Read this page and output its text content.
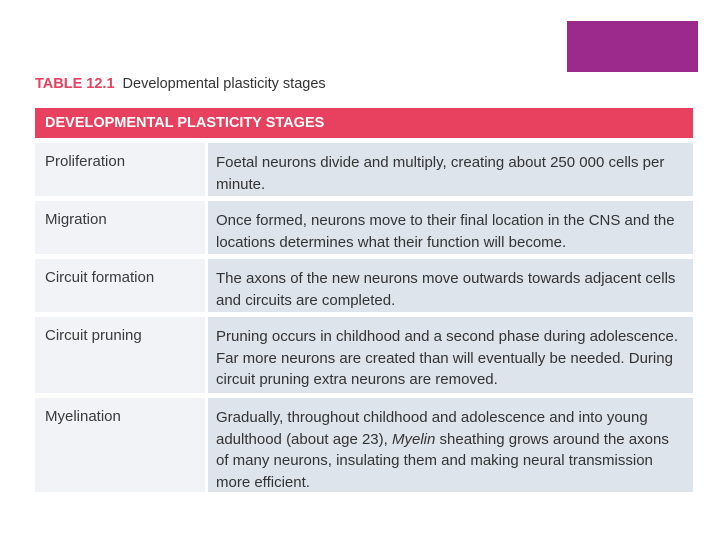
TABLE 12.1 Developmental plasticity stages
DEVELOPMENTAL PLASTICITY STAGES
Proliferation	Foetal neurons divide and multiply, creating about 250 000 cells per minute.
Migration	Once formed, neurons move to their final location in the CNS and the locations determines what their function will become.
Circuit formation	The axons of the new neurons move outwards towards adjacent cells and circuits are completed.
Circuit pruning	Pruning occurs in childhood and a second phase during adolescence. Far more neurons are created than will eventually be needed. During circuit pruning extra neurons are removed.
Myelination	Gradually, throughout childhood and adolescence and into young adulthood (about age 23), Myelin sheathing grows around the axons of many neurons, insulating them and making neural transmission more efficient.
